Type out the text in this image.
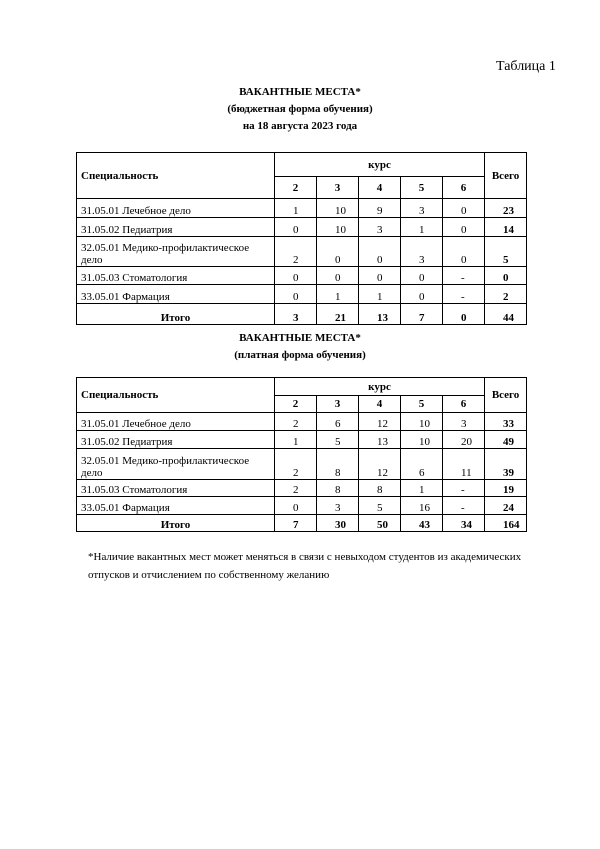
Таблица 1
ВАКАНТНЫЕ МЕСТА*
(бюджетная форма обучения)
на 18 августа 2023 года
Специальность	курс					Всего
	2	3	4	5	6	
31.05.01 Лечебное дело	1	10	9	3	0	23
31.05.02 Педиатрия	0	10	3	1	0	14
32.05.01 Медико-профилактическое дело	2	0	0	3	0	5
31.05.03 Стоматология	0	0	0	0	-	0
33.05.01 Фармация	0	1	1	0	-	2
Итого	3	21	13	7	0	44
ВАКАНТНЫЕ МЕСТА*
(платная форма обучения)
Специальность	курс					Всего
	2	3	4	5	6	
31.05.01 Лечебное дело	2	6	12	10	3	33
31.05.02 Педиатрия	1	5	13	10	20	49
32.05.01 Медико-профилактическое дело	2	8	12	6	11	39
31.05.03 Стоматология	2	8	8	1	-	19
33.05.01 Фармация	0	3	5	16	-	24
Итого	7	30	50	43	34	164
*Наличие вакантных мест может меняться в связи с невыходом студентов из академических отпусков и отчислением по собственному желанию
